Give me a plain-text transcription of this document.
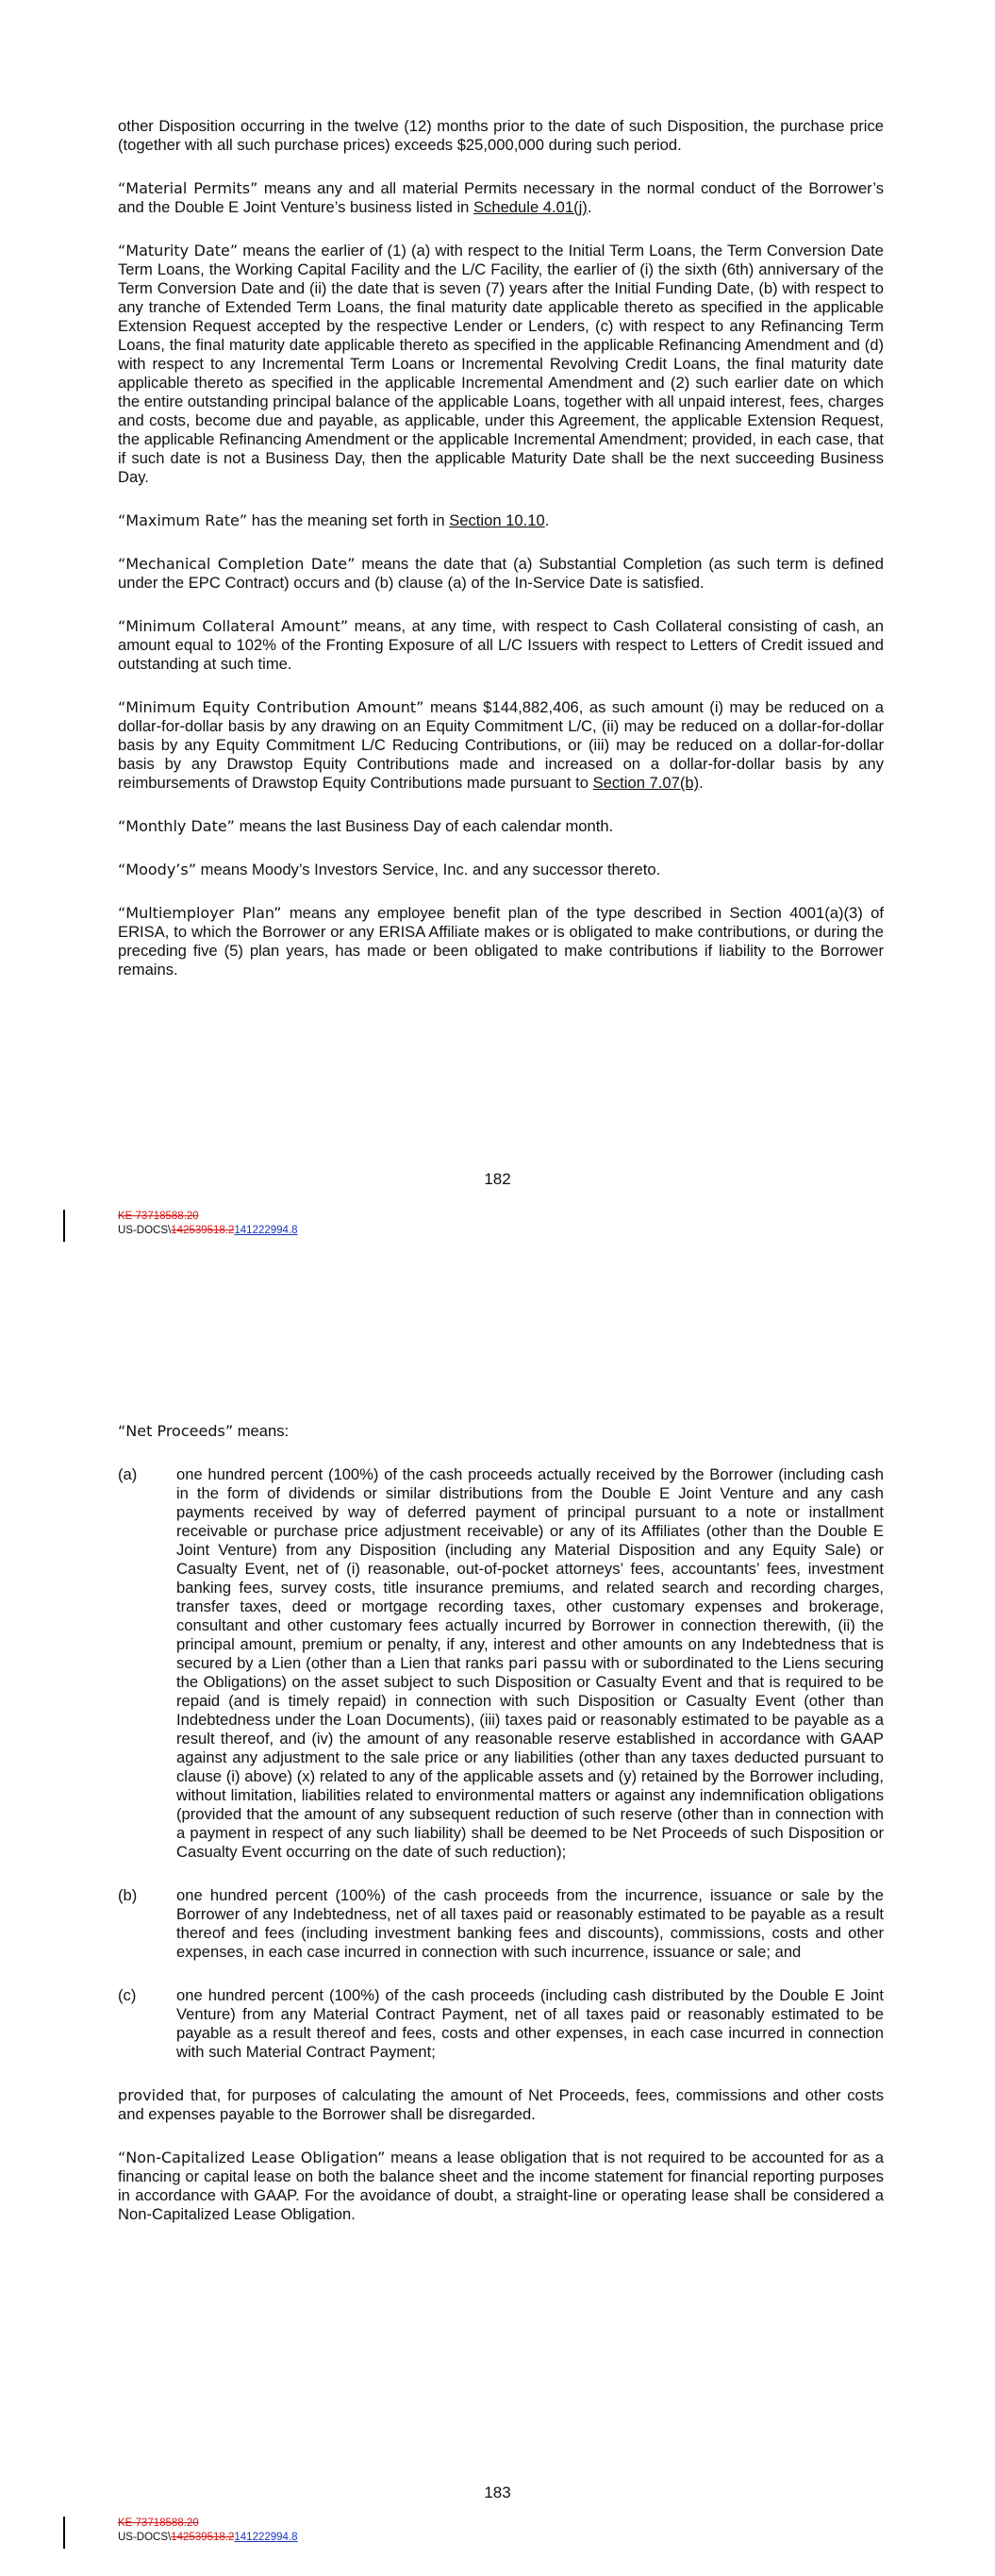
other Disposition occurring in the twelve (12) months prior to the date of such Disposition, the purchase price (together with all such purchase prices) exceeds $25,000,000 during such period.

“Material Permits” means any and all material Permits necessary in the normal conduct of the Borrower’s and the Double E Joint Venture’s business listed in Schedule 4.01(j).

“Maturity Date” means the earlier of (1) (a) with respect to the Initial Term Loans, the Term Conversion Date Term Loans, the Working Capital Facility and the L/C Facility, the earlier of (i) the sixth (6th) anniversary of the Term Conversion Date and (ii) the date that is seven (7) years after the Initial Funding Date, (b) with respect to any tranche of Extended Term Loans, the final maturity date applicable thereto as specified in the applicable Extension Request accepted by the respective Lender or Lenders, (c) with respect to any Refinancing Term Loans, the final maturity date applicable thereto as specified in the applicable Refinancing Amendment and (d) with respect to any Incremental Term Loans or Incremental Revolving Credit Loans, the final maturity date applicable thereto as specified in the applicable Incremental Amendment and (2) such earlier date on which the entire outstanding principal balance of the applicable Loans, together with all unpaid interest, fees, charges and costs, become due and payable, as applicable, under this Agreement, the applicable Extension Request, the applicable Refinancing Amendment or the applicable Incremental Amendment; provided, in each case, that if such date is not a Business Day, then the applicable Maturity Date shall be the next succeeding Business Day.

“Maximum Rate” has the meaning set forth in Section 10.10.

“Mechanical Completion Date” means the date that (a) Substantial Completion (as such term is defined under the EPC Contract) occurs and (b) clause (a) of the In-Service Date is satisfied.

“Minimum Collateral Amount” means, at any time, with respect to Cash Collateral consisting of cash, an amount equal to 102% of the Fronting Exposure of all L/C Issuers with respect to Letters of Credit issued and outstanding at such time.

“Minimum Equity Contribution Amount” means $144,882,406, as such amount (i) may be reduced on a dollar-for-dollar basis by any drawing on an Equity Commitment L/C, (ii) may be reduced on a dollar-for-dollar basis by any Equity Commitment L/C Reducing Contributions, or (iii) may be reduced on a dollar-for-dollar basis by any Drawstop Equity Contributions made and increased on a dollar-for-dollar basis by any reimbursements of Drawstop Equity Contributions made pursuant to Section 7.07(b).

“Monthly Date” means the last Business Day of each calendar month.

“Moody’s” means Moody’s Investors Service, Inc. and any successor thereto.

“Multiemployer Plan” means any employee benefit plan of the type described in Section 4001(a)(3) of ERISA, to which the Borrower or any ERISA Affiliate makes or is obligated to make contributions, or during the preceding five (5) plan years, has made or been obligated to make contributions if liability to the Borrower remains.

182
KE 73718588.20
US-DOCS\142539518.2141222994.8

“Net Proceeds” means:

(a)	one hundred percent (100%) of the cash proceeds actually received by the Borrower (including cash in the form of dividends or similar distributions from the Double E Joint Venture and any cash payments received by way of deferred payment of principal pursuant to a note or installment receivable or purchase price adjustment receivable) or any of its Affiliates (other than the Double E Joint Venture) from any Disposition (including any Material Disposition and any Equity Sale) or Casualty Event, net of (i) reasonable, out-of-pocket attorneys’ fees, accountants’ fees, investment banking fees, survey costs, title insurance premiums, and related search and recording charges, transfer taxes, deed or mortgage recording taxes, other customary expenses and brokerage, consultant and other customary fees actually incurred by Borrower in connection therewith, (ii) the principal amount, premium or penalty, if any, interest and other amounts on any Indebtedness that is secured by a Lien (other than a Lien that ranks pari passu with or subordinated to the Liens securing the Obligations) on the asset subject to such Disposition or Casualty Event and that is required to be repaid (and is timely repaid) in connection with such Disposition or Casualty Event (other than Indebtedness under the Loan Documents), (iii) taxes paid or reasonably estimated to be payable as a result thereof, and (iv) the amount of any reasonable reserve established in accordance with GAAP against any adjustment to the sale price or any liabilities (other than any taxes deducted pursuant to clause (i) above) (x) related to any of the applicable assets and (y) retained by the Borrower including, without limitation, liabilities related to environmental matters or against any indemnification obligations (provided that the amount of any subsequent reduction of such reserve (other than in connection with a payment in respect of any such liability) shall be deemed to be Net Proceeds of such Disposition or Casualty Event occurring on the date of such reduction);
(b)	one hundred percent (100%) of the cash proceeds from the incurrence, issuance or sale by the Borrower of any Indebtedness, net of all taxes paid or reasonably estimated to be payable as a result thereof and fees (including investment banking fees and discounts), commissions, costs and other expenses, in each case incurred in connection with such incurrence, issuance or sale; and
(c)	one hundred percent (100%) of the cash proceeds (including cash distributed by the Double E Joint Venture) from any Material Contract Payment, net of all taxes paid or reasonably estimated to be payable as a result thereof and fees, costs and other expenses, in each case incurred in connection with such Material Contract Payment;

provided that, for purposes of calculating the amount of Net Proceeds, fees, commissions and other costs and expenses payable to the Borrower shall be disregarded.

“Non-Capitalized Lease Obligation” means a lease obligation that is not required to be accounted for as a financing or capital lease on both the balance sheet and the income statement for financial reporting purposes in accordance with GAAP. For the avoidance of doubt, a straight-line or operating lease shall be considered a Non-Capitalized Lease Obligation.

183
KE 73718588.20
US-DOCS\142539518.2141222994.8
